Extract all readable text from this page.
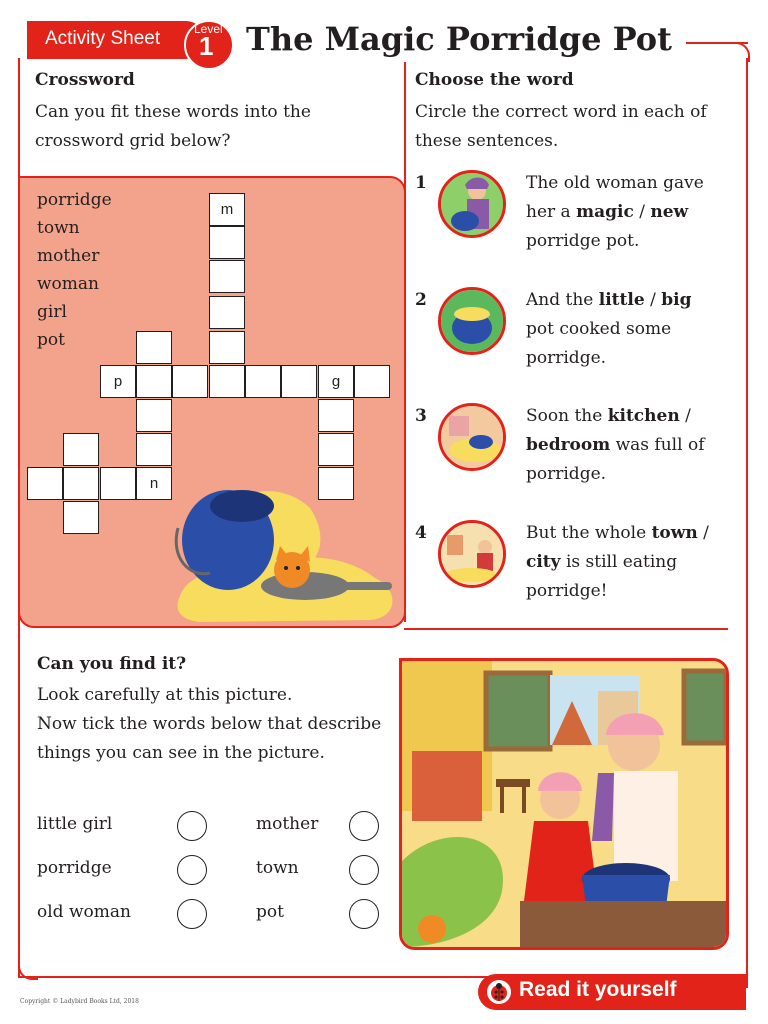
Activity Sheet	Level
1 The Magic Porridge Pot
Crossword
Can you fit these words into the
crossword grid below?
porridge
town
mother
woman
girl
pot
m
p	g
n
Choose the word
Circle the correct word in each of
these sentences.
1	The old woman gave
her a magic / new
porridge pot.
2	And the little / big
pot cooked some
porridge.
3	Soon the kitchen /
bedroom was full of
porridge.
4	But the whole town /
city is still eating
porridge!
Can you find it?
Look carefully at this picture.
Now tick the words below that describe
things you can see in the picture.
little girl	mother
porridge	town
old woman	pot
Read it yourself
Copyright © Ladybird Books Ltd, 2018
